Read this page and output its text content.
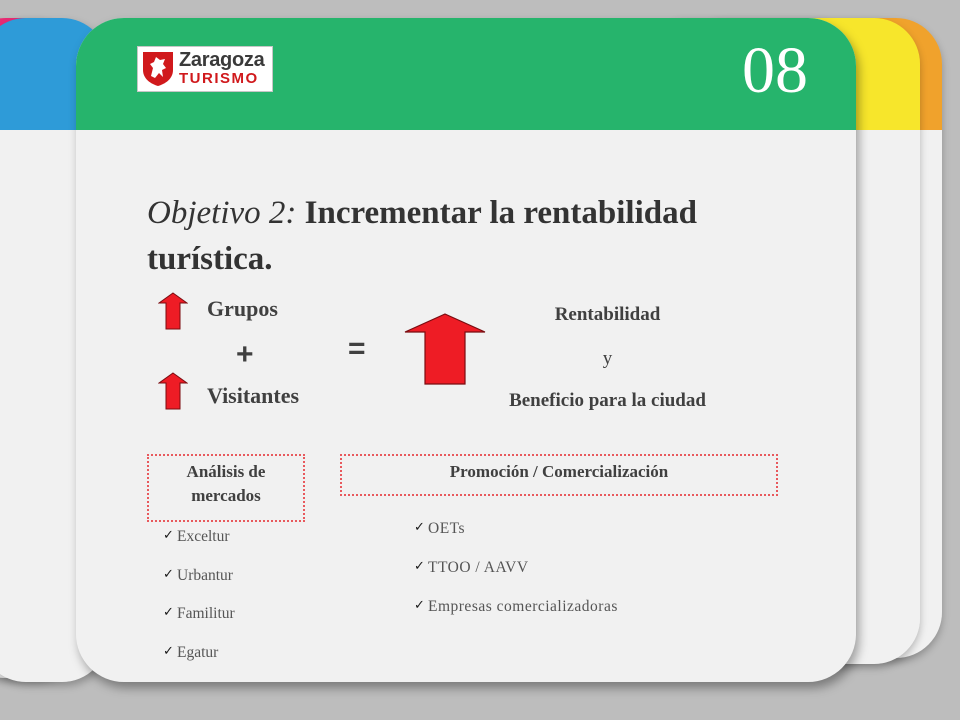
Zaragoza
TURISMO	08
Objetivo 2: Incrementar la rentabilidad turística.
Grupos
+
Visitantes
=
Rentabilidad
y
Beneficio para la ciudad
Análisis de
mercados
Promoción / Comercialización
✓ Exceltur
✓ Urbantur
✓ Familitur
✓ Egatur
✓ OETs
✓ TTOO / AAVV
✓ Empresas comercializadoras
